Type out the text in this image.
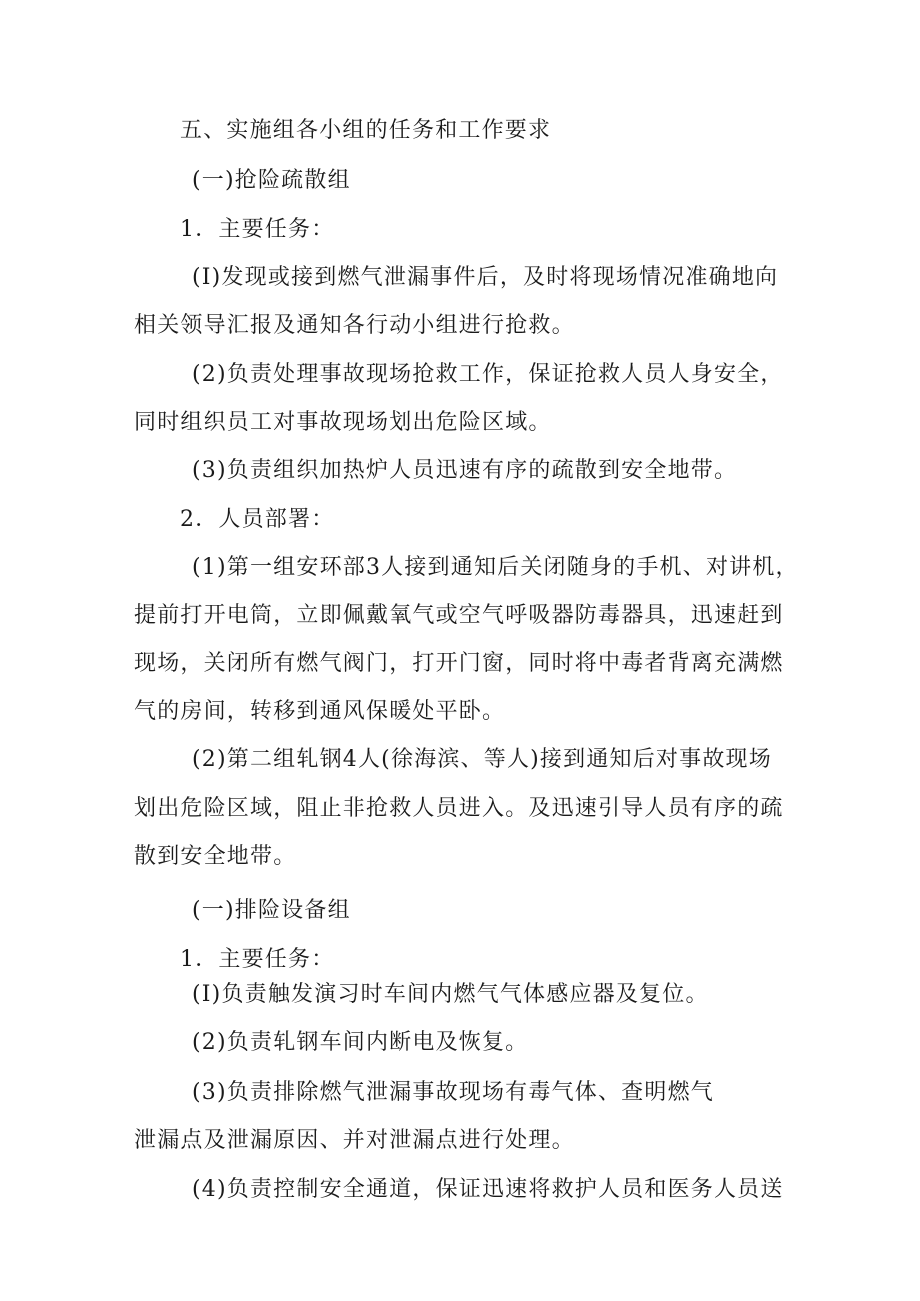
五、实施组各小组的任务和工作要求
(一)抢险疏散组
1．主要任务：
(I)发现或接到燃气泄漏事件后，及时将现场情况准确地向
相关领导汇报及通知各行动小组进行抢救。
(2)负责处理事故现场抢救工作，保证抢救人员人身安全，
同时组织员工对事故现场划出危险区域。
(3)负责组织加热炉人员迅速有序的疏散到安全地带。
2．人员部署：
(1)第一组安环部3人接到通知后关闭随身的手机、对讲机，
提前打开电筒，立即佩戴氧气或空气呼吸器防毒器具，迅速赶到
现场，关闭所有燃气阀门，打开门窗，同时将中毒者背离充满燃
气的房间，转移到通风保暖处平卧。
(2)第二组轧钢4人(徐海滨、等人)接到通知后对事故现场
划出危险区域，阻止非抢救人员进入。及迅速引导人员有序的疏
散到安全地带。
(一)排险设备组
1．主要任务：
(I)负责触发演习时车间内燃气气体感应器及复位。
(2)负责轧钢车间内断电及恢复。
(3)负责排除燃气泄漏事故现场有毒气体、查明燃气
泄漏点及泄漏原因、并对泄漏点进行处理。
(4)负责控制安全通道，保证迅速将救护人员和医务人员送
